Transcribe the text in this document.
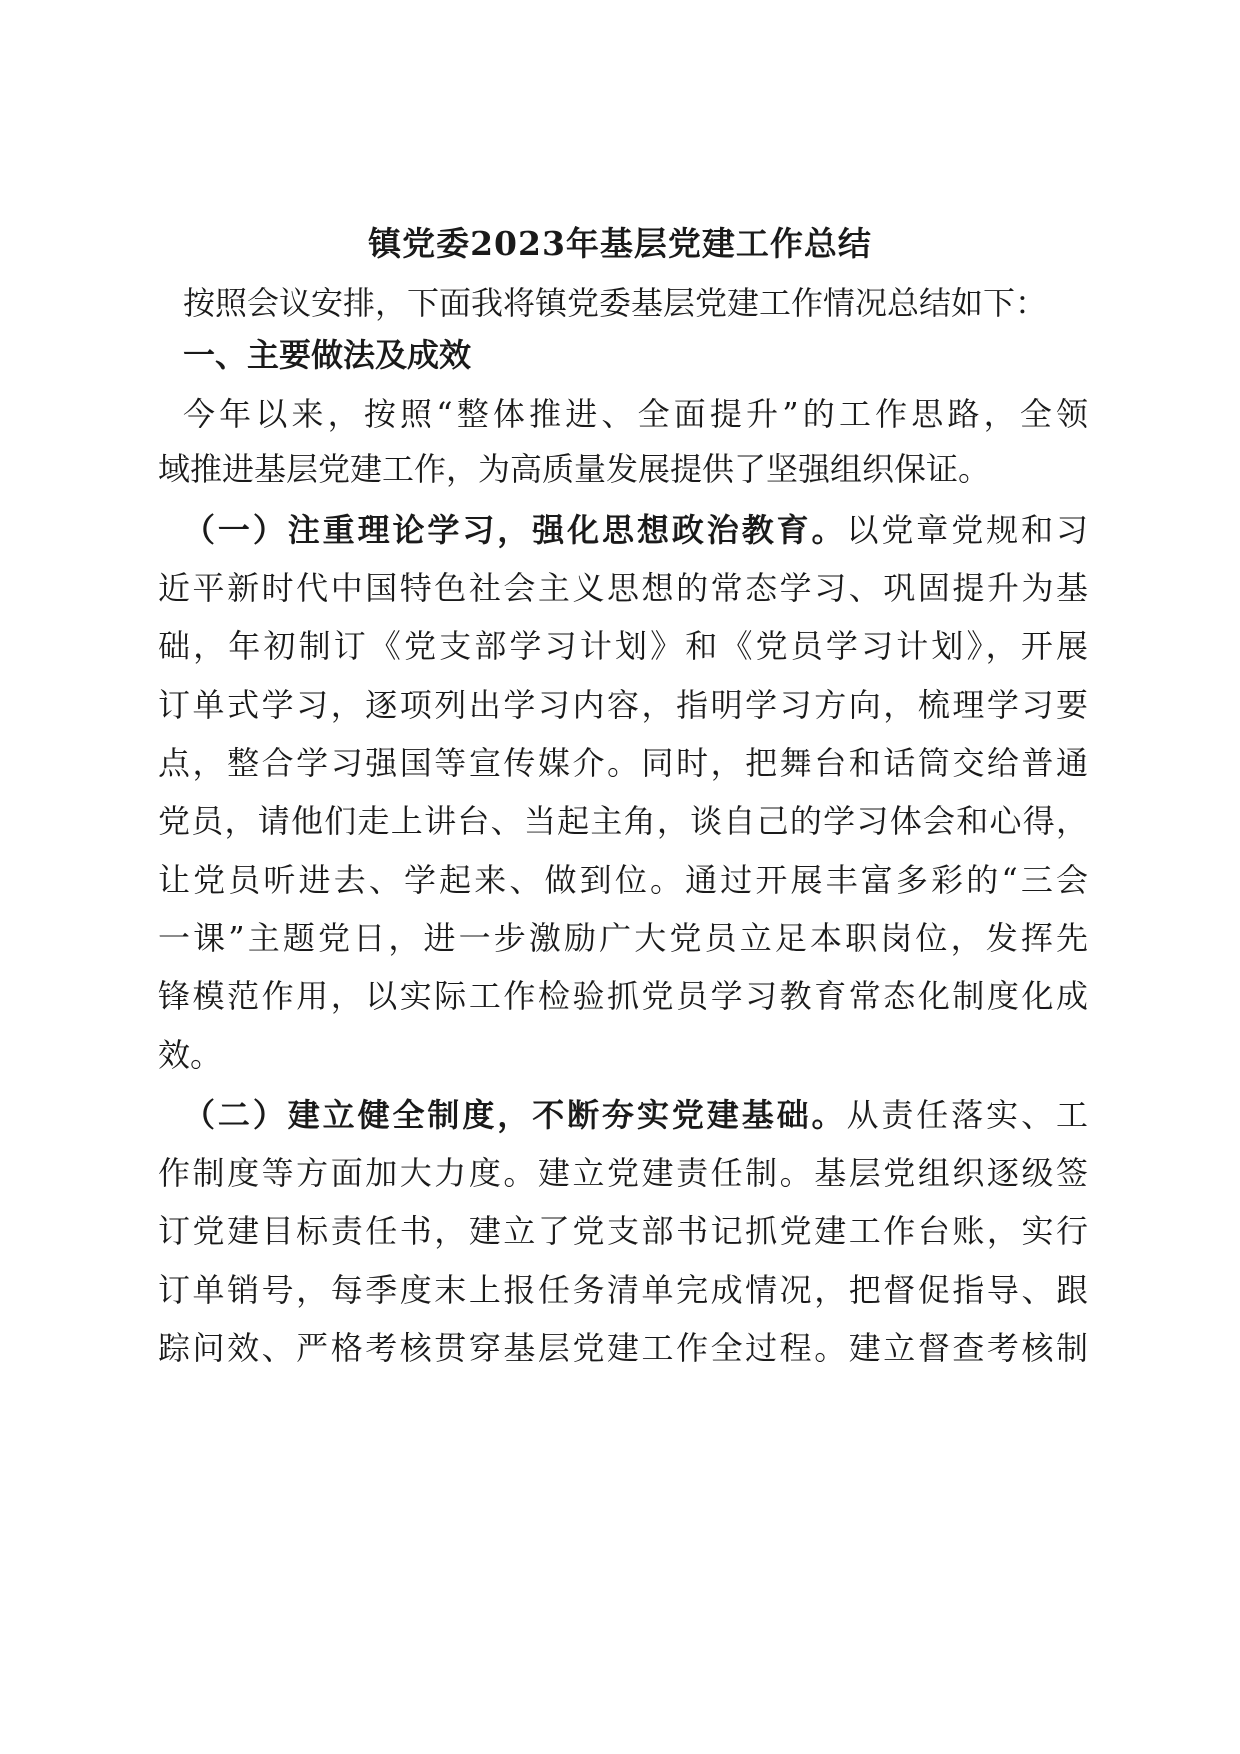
镇党委2023年基层党建工作总结
按照会议安排，下面我将镇党委基层党建工作情况总结如下：
一、主要做法及成效
今年以来，按照“整体推进、全面提升”的工作思路，全领
域推进基层党建工作，为高质量发展提供了坚强组织保证。
（一）注重理论学习，强化思想政治教育。以党章党规和习
近平新时代中国特色社会主义思想的常态学习、巩固提升为基
础，年初制订《党支部学习计划》和《党员学习计划》，开展
订单式学习，逐项列出学习内容，指明学习方向，梳理学习要
点，整合学习强国等宣传媒介。同时，把舞台和话筒交给普通
党员，请他们走上讲台、当起主角，谈自己的学习体会和心得，
让党员听进去、学起来、做到位。通过开展丰富多彩的“三会
一课”主题党日，进一步激励广大党员立足本职岗位，发挥先
锋模范作用，以实际工作检验抓党员学习教育常态化制度化成
效。
（二）建立健全制度，不断夯实党建基础。从责任落实、工
作制度等方面加大力度。建立党建责任制。基层党组织逐级签
订党建目标责任书，建立了党支部书记抓党建工作台账，实行
订单销号，每季度末上报任务清单完成情况，把督促指导、跟
踪问效、严格考核贯穿基层党建工作全过程。建立督查考核制
